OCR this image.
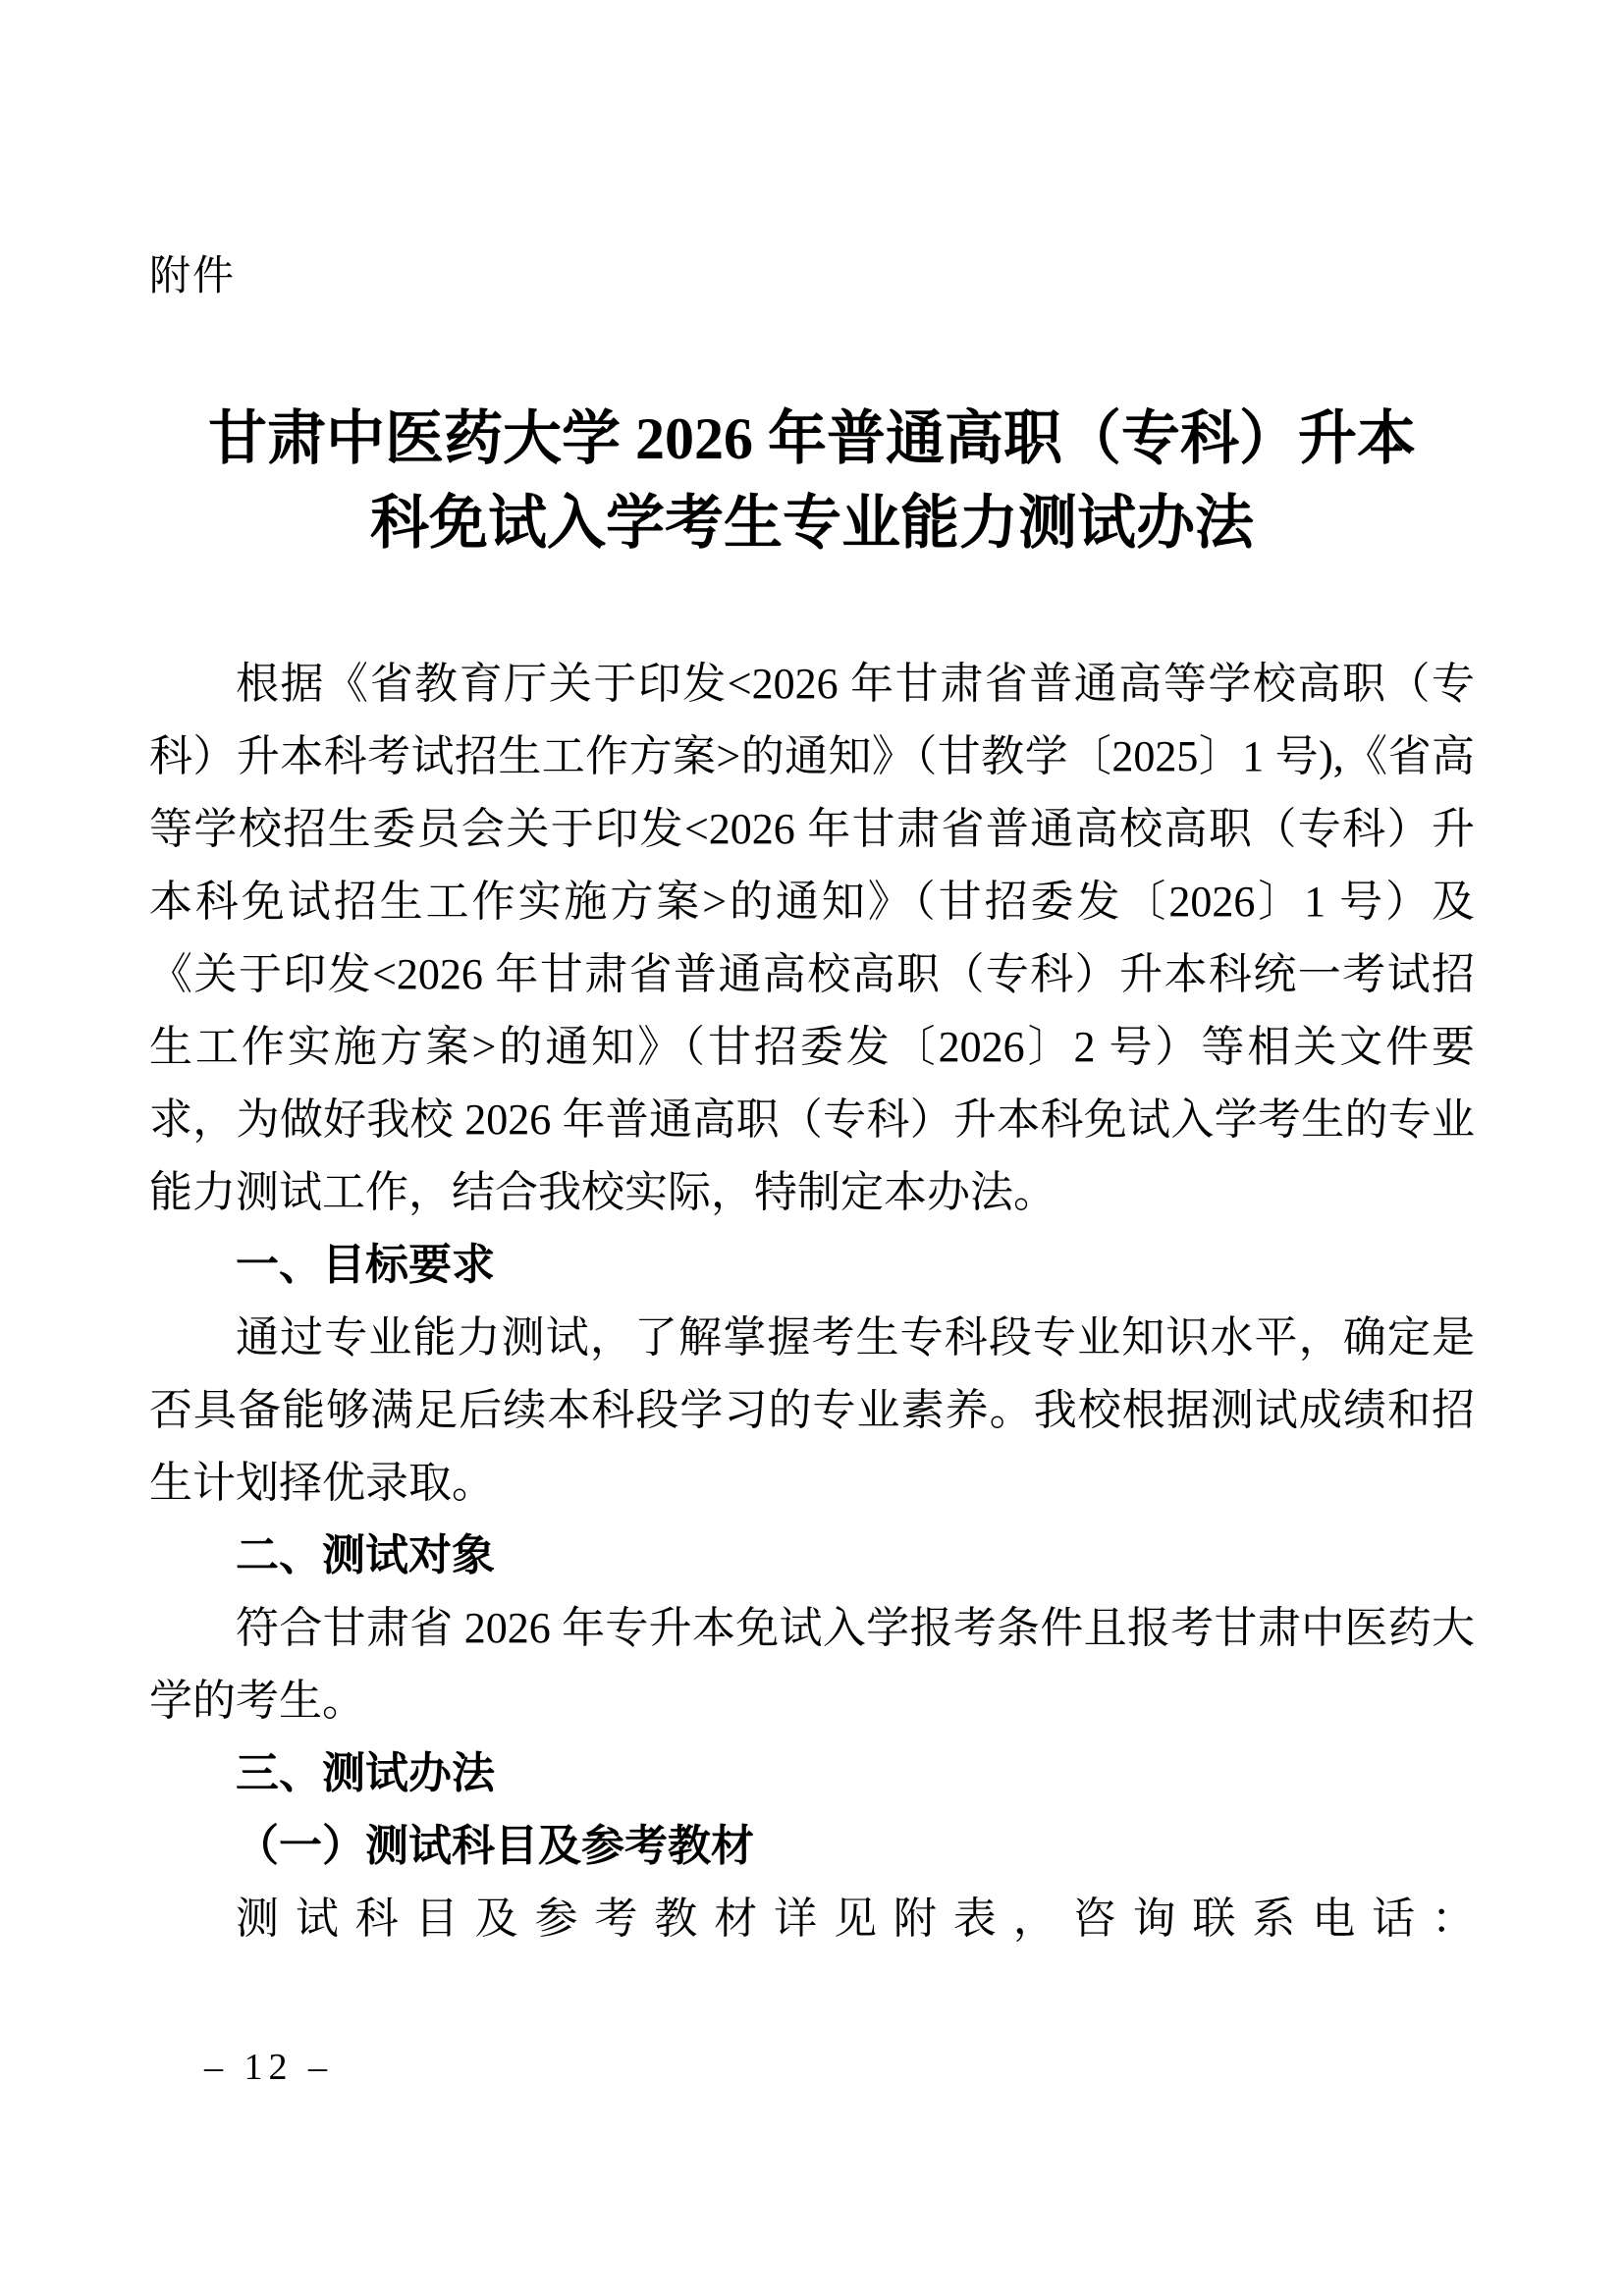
附件
甘肃中医药大学 2026 年普通高职（专科）升本
科免试入学考生专业能力测试办法

根据《省教育厅关于印发<2026 年甘肃省普通高等学校高职（专科）升本科考试招生工作方案>的通知》（甘教学〔2025〕1 号),《省高等学校招生委员会关于印发<2026 年甘肃省普通高校高职（专科）升本科免试招生工作实施方案>的通知》（甘招委发〔2026〕1 号）及《关于印发<2026 年甘肃省普通高校高职（专科）升本科统一考试招生工作实施方案>的通知》（甘招委发〔2026〕2 号）等相关文件要求，为做好我校 2026 年普通高职（专科）升本科免试入学考生的专业能力测试工作，结合我校实际，特制定本办法。

一、目标要求

通过专业能力测试，了解掌握考生专科段专业知识水平，确定是否具备能够满足后续本科段学习的专业素养。我校根据测试成绩和招生计划择优录取。

二、测试对象

符合甘肃省 2026 年专升本免试入学报考条件且报考甘肃中医药大学的考生。

三、测试办法
（一）测试科目及参考教材

测试科目及参考教材详见附表，咨询联系电话：

– 12 –
